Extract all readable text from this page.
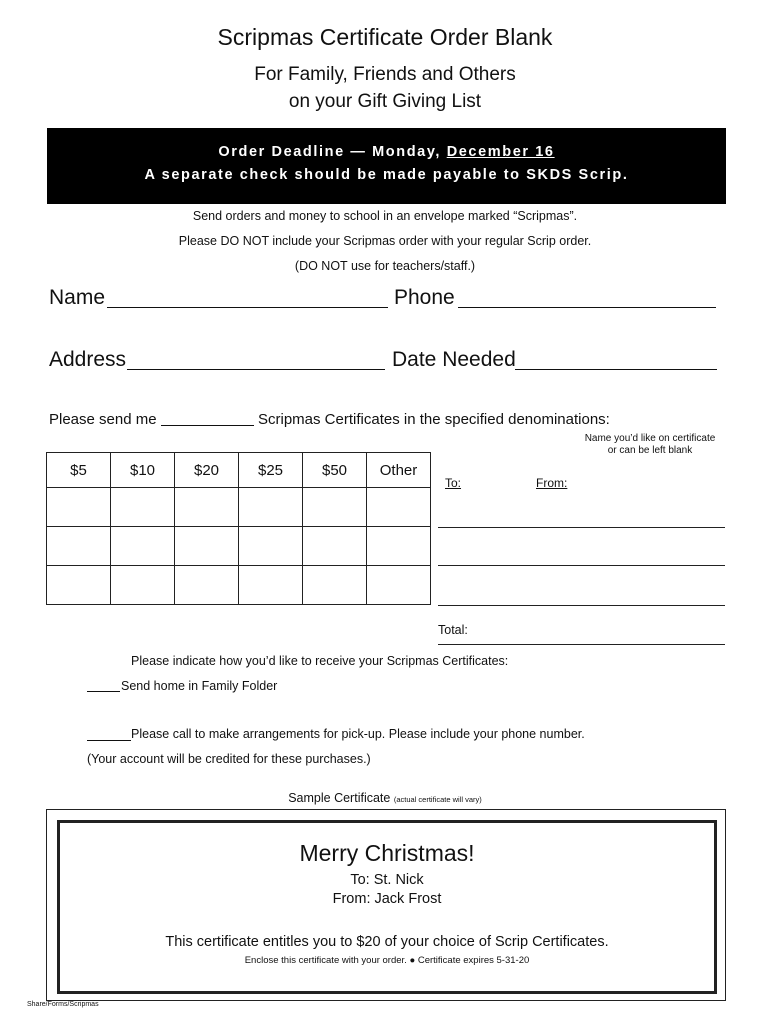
Scripmas Certificate Order Blank
For Family, Friends and Others
on your Gift Giving List
Order Deadline — Monday, December 16
A separate check should be made payable to SKDS Scrip.
Send orders and money to school in an envelope marked “Scripmas”.
Please DO NOT include your Scripmas order with your regular Scrip order.
(DO NOT use for teachers/staff.)
Name	Phone
Address	Date Needed
Please send me	Scripmas Certificates in the specified denominations:
Name you’d like on certificate
or can be left blank
$5	$10	$20	$25	$50	Other

To:	From:
Total:
Please indicate how you’d like to receive your Scripmas Certificates:
Send home in Family Folder
Please call to make arrangements for pick-up. Please include your phone number.
(Your account will be credited for these purchases.)
Sample Certificate (actual certificate will vary)
Merry Christmas!
To: St. Nick
From: Jack Frost
This certificate entitles you to $20 of your choice of Scrip Certificates.
Enclose this certificate with your order. ● Certificate expires 5-31-20
Share/Forms/Scripmas
